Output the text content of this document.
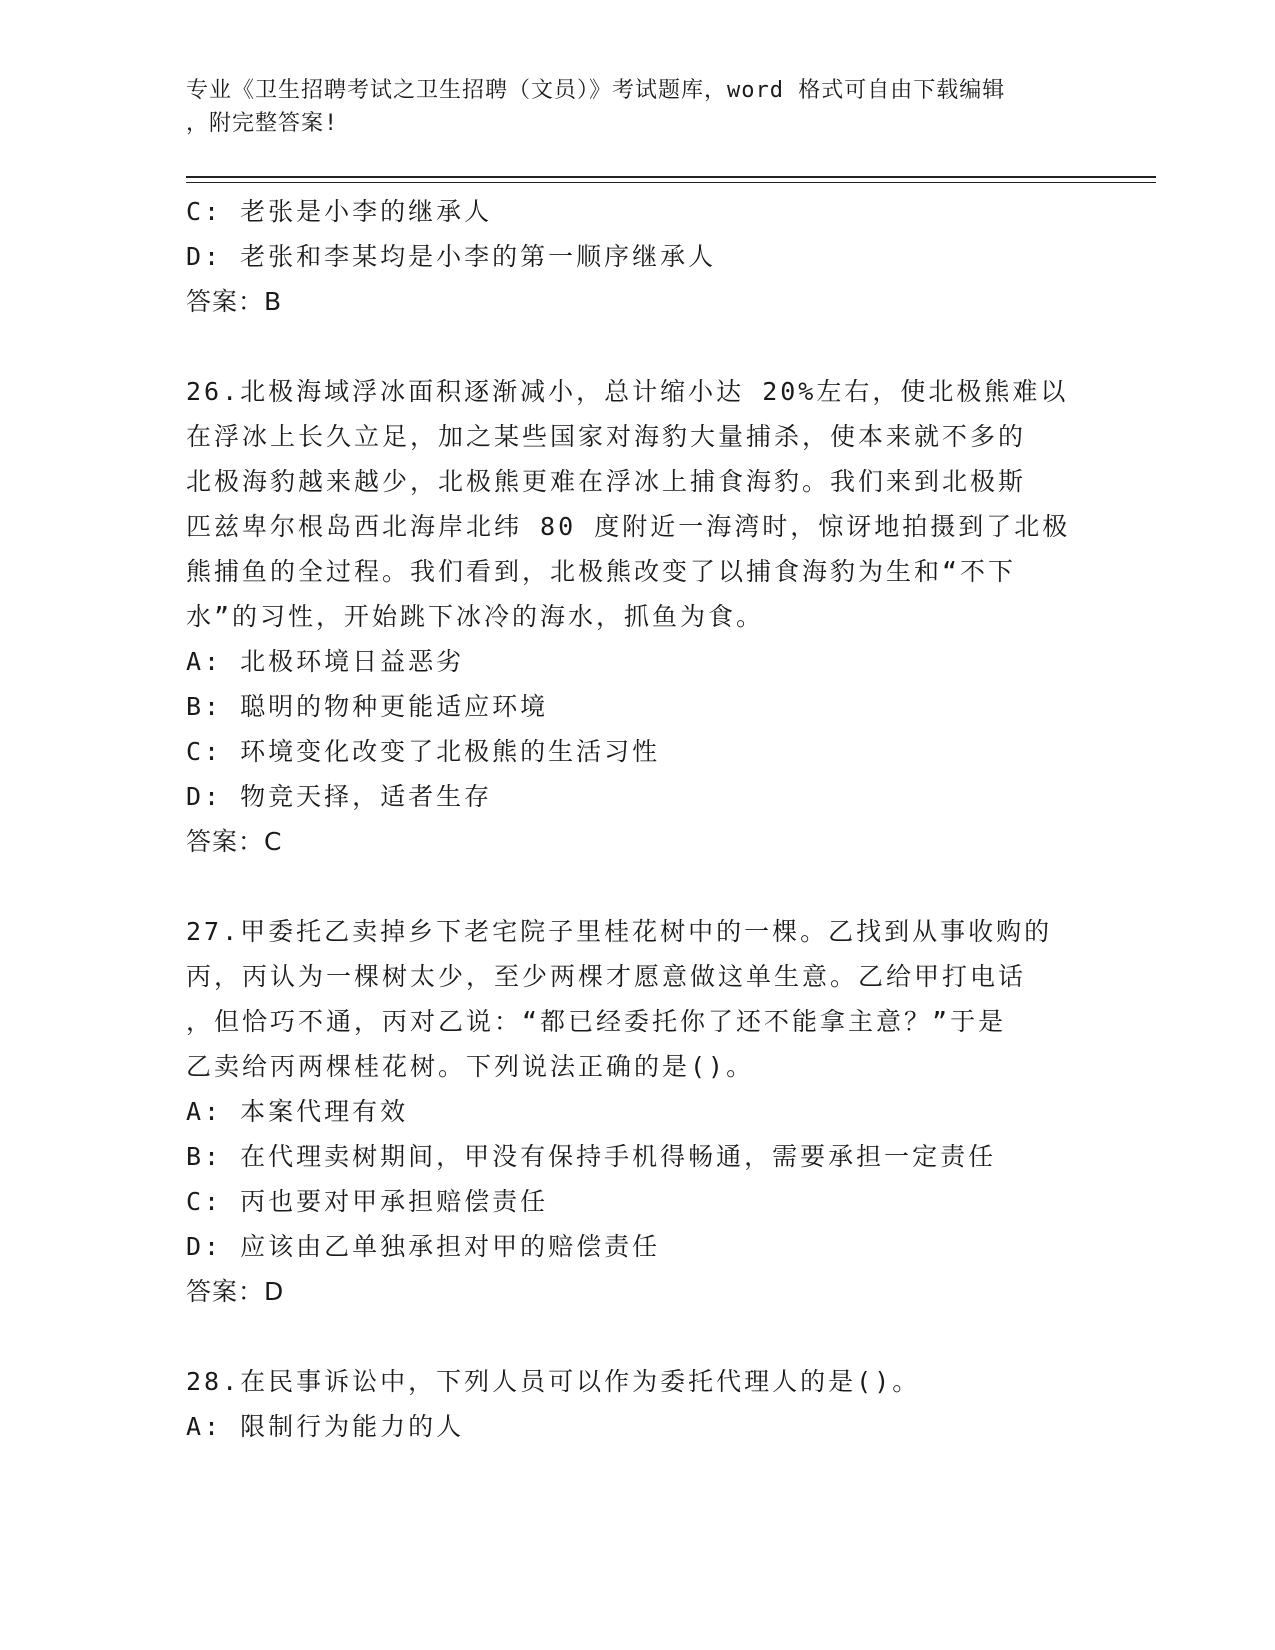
专业《卫生招聘考试之卫生招聘（文员）》考试题库，word 格式可自由下载编辑
，附完整答案!
C: 老张是小李的继承人
D: 老张和李某均是小李的第一顺序继承人
答案：B
26.北极海域浮冰面积逐渐减小，总计缩小达 20%左右，使北极熊难以
在浮冰上长久立足，加之某些国家对海豹大量捕杀，使本来就不多的
北极海豹越来越少，北极熊更难在浮冰上捕食海豹。我们来到北极斯
匹兹卑尔根岛西北海岸北纬 80 度附近一海湾时，惊讶地拍摄到了北极
熊捕鱼的全过程。我们看到，北极熊改变了以捕食海豹为生和“不下
水”的习性，开始跳下冰冷的海水，抓鱼为食。
A: 北极环境日益恶劣
B: 聪明的物种更能适应环境
C: 环境变化改变了北极熊的生活习性
D: 物竞天择，适者生存
答案：C
27.甲委托乙卖掉乡下老宅院子里桂花树中的一棵。乙找到从事收购的
丙，丙认为一棵树太少，至少两棵才愿意做这单生意。乙给甲打电话
，但恰巧不通，丙对乙说：“都已经委托你了还不能拿主意？”于是
乙卖给丙两棵桂花树。下列说法正确的是()。
A: 本案代理有效
B: 在代理卖树期间，甲没有保持手机得畅通，需要承担一定责任
C: 丙也要对甲承担赔偿责任
D: 应该由乙单独承担对甲的赔偿责任
答案：D
28.在民事诉讼中，下列人员可以作为委托代理人的是()。
A: 限制行为能力的人
